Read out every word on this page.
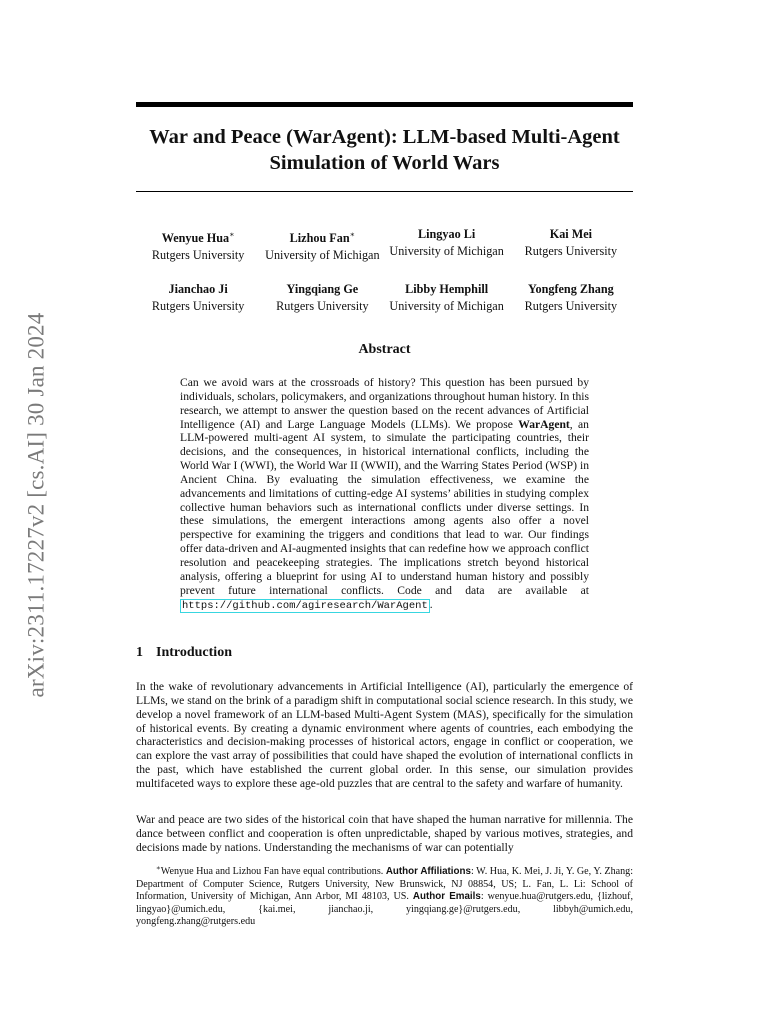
arXiv:2311.17227v2 [cs.AI] 30 Jan 2024
War and Peace (WarAgent): LLM-based Multi-Agent
Simulation of World Wars
Wenyue Hua∗
Rutgers University
Lizhou Fan∗
University of Michigan
Lingyao Li
University of Michigan
Kai Mei
Rutgers University
Jianchao Ji
Rutgers University
Yingqiang Ge
Rutgers University
Libby Hemphill
University of Michigan
Yongfeng Zhang
Rutgers University
Abstract

Can we avoid wars at the crossroads of history? This question has been pursued by individuals, scholars, policymakers, and organizations throughout human history. In this research, we attempt to answer the question based on the recent advances of Artificial Intelligence (AI) and Large Language Models (LLMs). We propose WarAgent, an LLM-powered multi-agent AI system, to simulate the participating countries, their decisions, and the consequences, in historical international conflicts, including the World War I (WWI), the World War II (WWII), and the Warring States Period (WSP) in Ancient China. By evaluating the simulation effectiveness, we examine the advancements and limitations of cutting-edge AI systems’ abilities in studying complex collective human behaviors such as international conflicts under diverse settings. In these simulations, the emergent interactions among agents also offer a novel perspective for examining the triggers and conditions that lead to war. Our findings offer data-driven and AI-augmented insights that can redefine how we approach conflict resolution and peacekeeping strategies. The implications stretch beyond historical analysis, offering a blueprint for using AI to understand human history and possibly prevent future international conflicts. Code and data are available at https://github.com/agiresearch/WarAgent .

1 Introduction

In the wake of revolutionary advancements in Artificial Intelligence (AI), particularly the emergence of LLMs, we stand on the brink of a paradigm shift in computational social science research. In this study, we develop a novel framework of an LLM-based Multi-Agent System (MAS), specifically for the simulation of historical events. By creating a dynamic environment where agents of countries, each embodying the characteristics and decision-making processes of historical actors, engage in conflict or cooperation, we can explore the vast array of possibilities that could have shaped the evolution of international conflicts in the past, which have established the current global order. In this sense, our simulation provides multifaceted ways to explore these age-old puzzles that are central to the safety and warfare of humanity.

War and peace are two sides of the historical coin that have shaped the human narrative for millennia. The dance between conflict and cooperation is often unpredictable, shaped by various motives, strategies, and decisions made by nations. Understanding the mechanisms of war can potentially

∗Wenyue Hua and Lizhou Fan have equal contributions. Author Affiliations: W. Hua, K. Mei, J. Ji, Y. Ge, Y. Zhang: Department of Computer Science, Rutgers University, New Brunswick, NJ 08854, US; L. Fan, L. Li: School of Information, University of Michigan, Ann Arbor, MI 48103, US. Author Emails: wenyue.hua@rutgers.edu, {lizhouf, lingyao}@umich.edu, {kai.mei, jianchao.ji, yingqiang.ge}@rutgers.edu, libbyh@umich.edu, yongfeng.zhang@rutgers.edu
